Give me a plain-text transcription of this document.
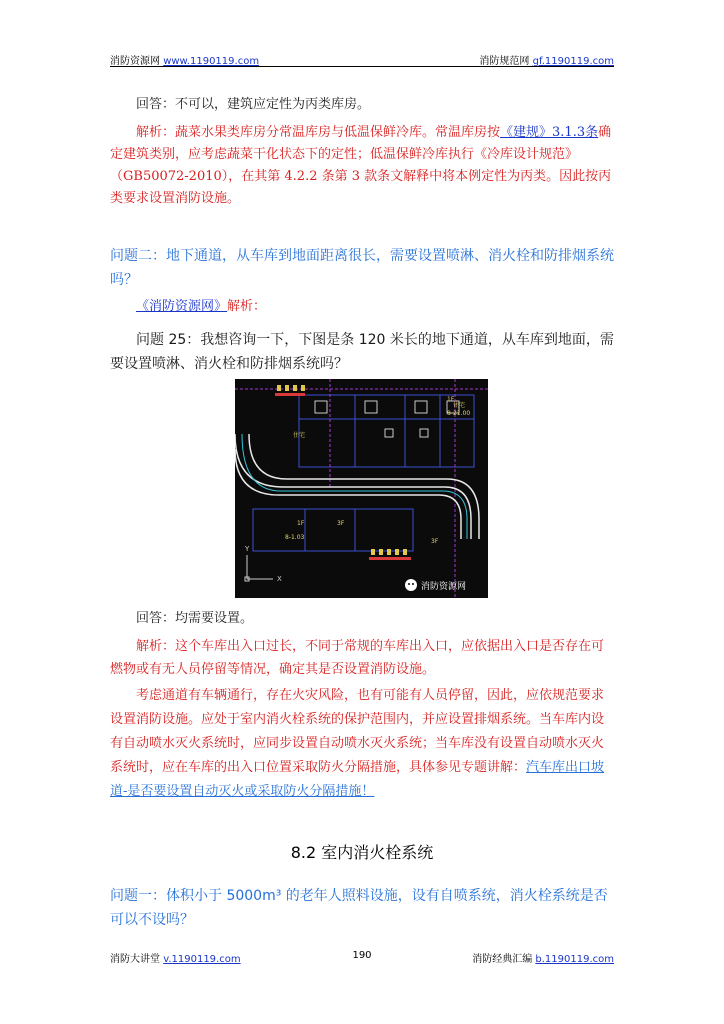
消防资源网 www.1190119.com	消防规范网 gf.1190119.com
回答：不可以，建筑应定性为丙类库房。
解析：蔬菜水果类库房分常温库房与低温保鲜冷库。常温库房按《建规》3.1.3条确定建筑类别，应考虑蔬菜干化状态下的定性；低温保鲜冷库执行《冷库设计规范》（GB50072-2010），在其第 4.2.2 条第 3 款条文解释中将本例定性为丙类。因此按丙类要求设置消防设施。
问题二：地下通道，从车库到地面距离很长，需要设置喷淋、消火栓和防排烟系统吗？
《消防资源网》解析：
问题 25：我想咨询一下，下图是条 120 米长的地下通道，从车库到地面，需要设置喷淋、消火栓和防排烟系统吗？
住宅
住宅
1F
8-21.00
1F	3F
8-1.03
3F
X
Y
消防资源网
回答：均需要设置。
解析：这个车库出入口过长，不同于常规的车库出入口，应依据出入口是否存在可燃物或有无人员停留等情况，确定其是否设置消防设施。
考虑通道有车辆通行，存在火灾风险，也有可能有人员停留，因此，应依规范要求设置消防设施。应处于室内消火栓系统的保护范围内，并应设置排烟系统。当车库内设有自动喷水灭火系统时，应同步设置自动喷水灭火系统；当车库没有设置自动喷水灭火系统时，应在车库的出入口位置采取防火分隔措施，具体参见专题讲解：汽车库出口坡道-是否要设置自动灭火或采取防火分隔措施！
8.2 室内消火栓系统
问题一：体积小于 5000m³ 的老年人照料设施，设有自喷系统，消火栓系统是否可以不设吗？
消防大讲堂 v.1190119.com	190	消防经典汇编 b.1190119.com
